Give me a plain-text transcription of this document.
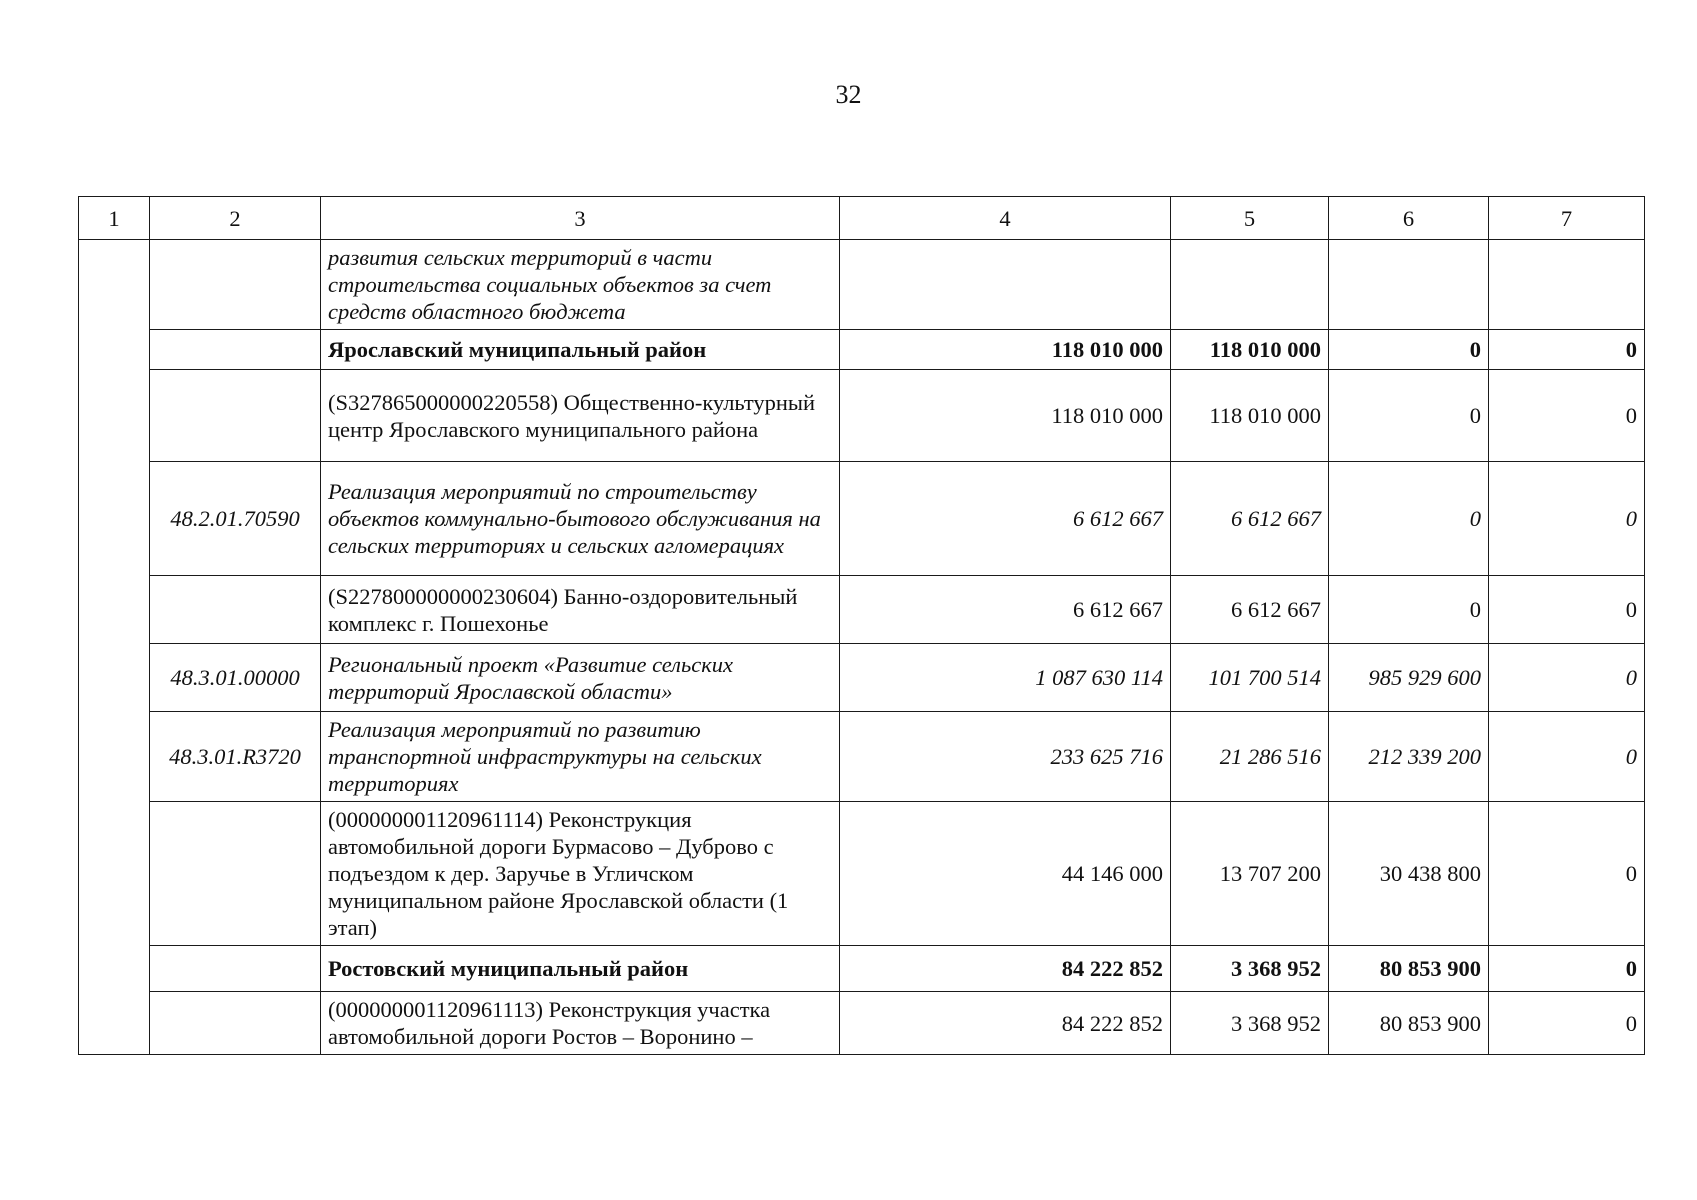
32
1	2	3	4	5	6	7
		развития сельских территорий в части строительства социальных объектов за счет средств областного бюджета				
		Ярославский муниципальный район	118 010 000	118 010 000	0	0
		(S327865000000220558) Общественно-культурный центр Ярославского муниципального района	118 010 000	118 010 000	0	0
	48.2.01.70590	Реализация мероприятий по строительству объектов коммунально-бытового обслуживания на сельских территориях и сельских агломерациях	6 612 667	6 612 667	0	0
		(S227800000000230604) Банно-оздоровительный комплекс г. Пошехонье	6 612 667	6 612 667	0	0
	48.3.01.00000	Региональный проект «Развитие сельских территорий Ярославской области»	1 087 630 114	101 700 514	985 929 600	0
	48.3.01.R3720	Реализация мероприятий по развитию транспортной инфраструктуры на сельских территориях	233 625 716	21 286 516	212 339 200	0
		(000000001120961114) Реконструкция автомобильной дороги Бурмасово – Дуброво с подъездом к дер. Заручье в Угличском муниципальном районе Ярославской области (1 этап)	44 146 000	13 707 200	30 438 800	0
		Ростовский муниципальный район	84 222 852	3 368 952	80 853 900	0
		(000000001120961113) Реконструкция участка автомобильной дороги Ростов – Воронино –	84 222 852	3 368 952	80 853 900	0
